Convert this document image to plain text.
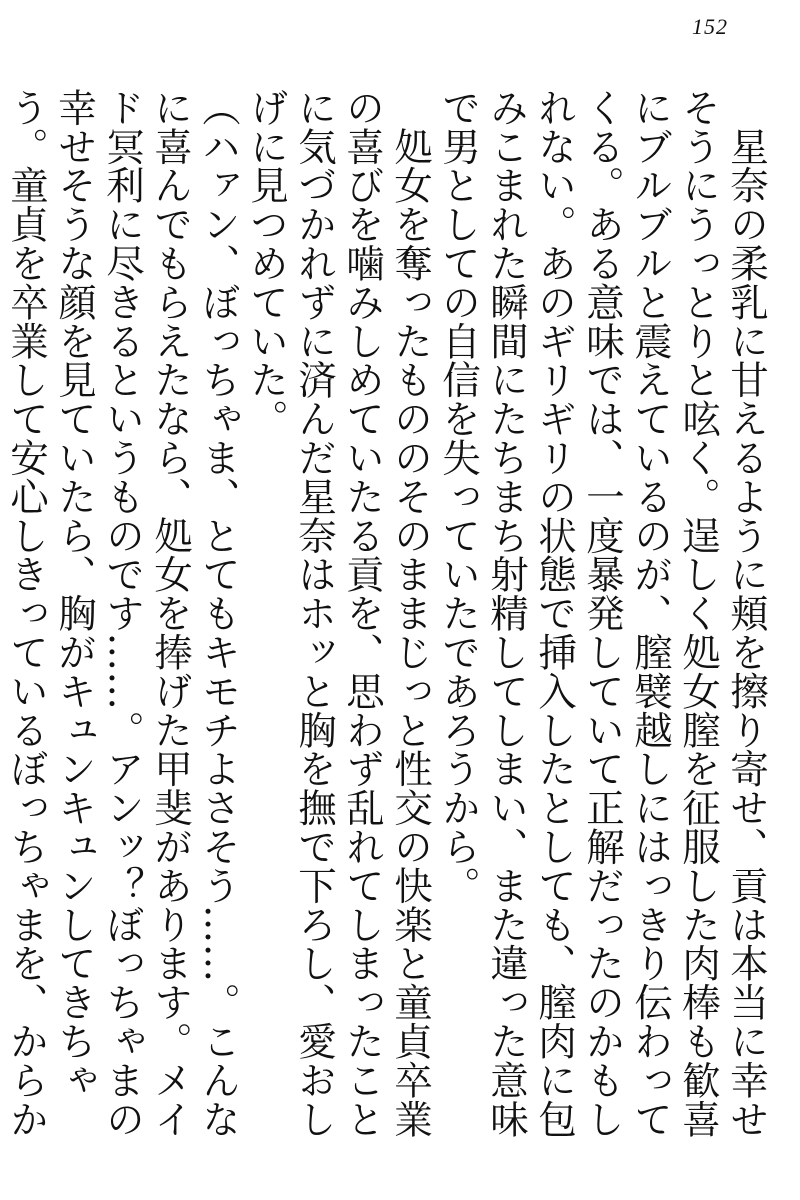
152

　星奈の柔乳に甘えるように頬を擦り寄せ、貢は本当に幸せそうにうっとりと呟く。逞しく処女膣を征服した肉棒も歓喜にブルブルと震えているのが、膣襞越しにはっきり伝わってくる。ある意味では、一度暴発していて正解だったのかもしれない。あのギリギリの状態で挿入したとしても、膣肉に包みこまれた瞬間にたちまち射精してしまい、また違った意味で男としての自信を失っていたであろうから。

　処女を奪ったもののそのままじっと性交の快楽と童貞卒業の喜びを噛みしめていたる貢を、思わず乱れてしまったことに気づかれずに済んだ星奈はホッと胸を撫で下ろし、愛おしげに見つめていた。

（ハァン、ぼっちゃま、とてもキモチよさそう……。こんなに喜んでもらえたなら、処女を捧げた甲斐があります。メイド冥利に尽きるというものです……。アンッ？ぼっちゃまの幸せそうな顔を見ていたら、胸がキュンキュンしてきちゃう。童貞を卒業して安心しきっているぼっちゃまを、からか
